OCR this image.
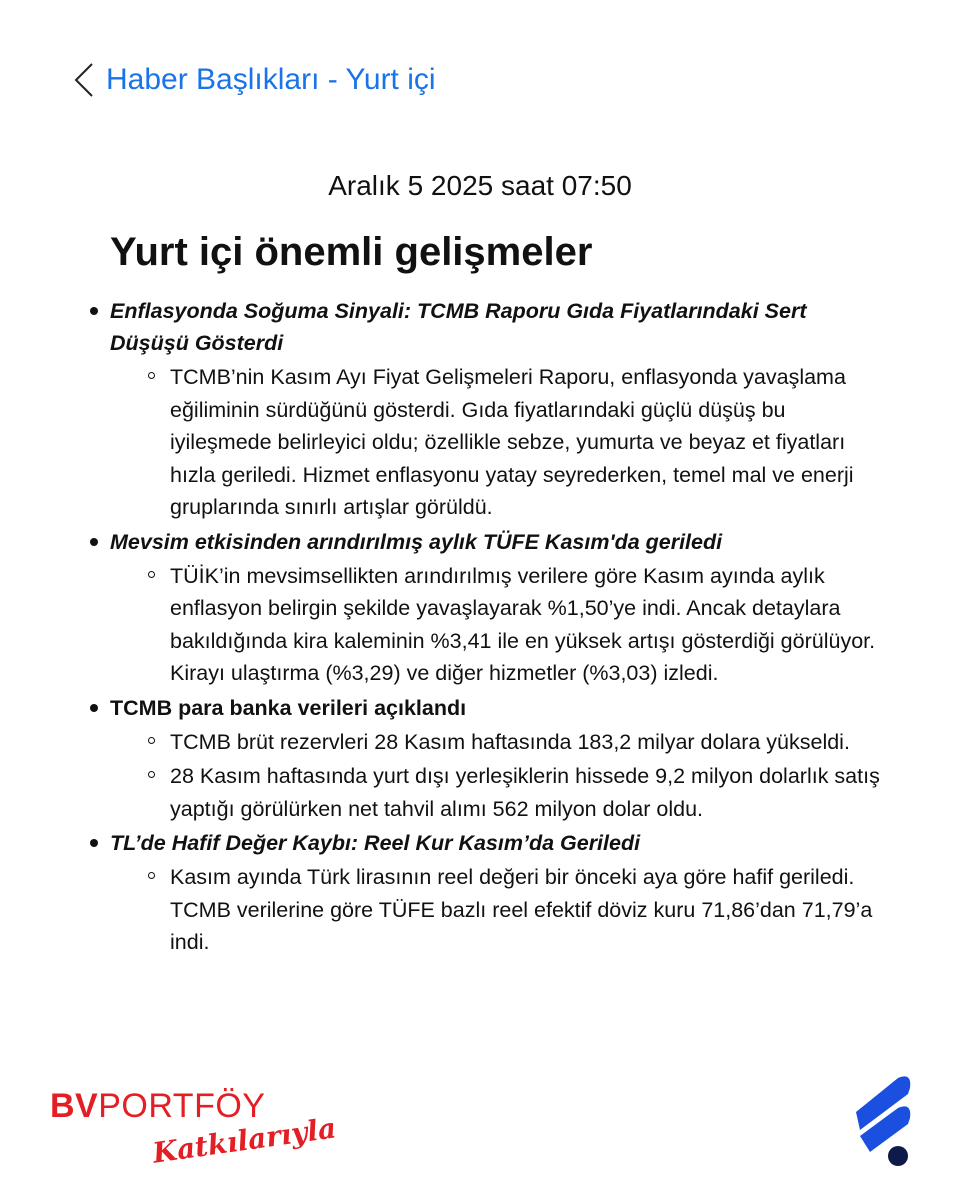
Haber Başlıkları - Yurt içi
Aralık 5 2025 saat 07:50
Yurt içi önemli gelişmeler
Enflasyonda Soğuma Sinyali: TCMB Raporu Gıda Fiyatlarındaki Sert Düşüşü Gösterdi
TCMB’nin Kasım Ayı Fiyat Gelişmeleri Raporu, enflasyonda yavaşlama eğiliminin sürdüğünü gösterdi. Gıda fiyatlarındaki güçlü düşüş bu iyileşmede belirleyici oldu; özellikle sebze, yumurta ve beyaz et fiyatları hızla geriledi. Hizmet enflasyonu yatay seyrederken, temel mal ve enerji gruplarında sınırlı artışlar görüldü.
Mevsim etkisinden arındırılmış aylık TÜFE Kasım'da geriledi
TÜİK’in mevsimsellikten arındırılmış verilere göre Kasım ayında aylık enflasyon belirgin şekilde yavaşlayarak %1,50’ye indi. Ancak detaylara bakıldığında kira kaleminin %3,41 ile en yüksek artışı gösterdiği görülüyor. Kirayı ulaştırma (%3,29) ve diğer hizmetler (%3,03) izledi.
TCMB para banka verileri açıklandı
TCMB brüt rezervleri 28 Kasım haftasında 183,2 milyar dolara yükseldi.
28 Kasım haftasında yurt dışı yerleşiklerin hissede 9,2 milyon dolarlık satış yaptığı görülürken net tahvil alımı 562 milyon dolar oldu.
TL’de Hafif Değer Kaybı: Reel Kur Kasım’da Geriledi
Kasım ayında Türk lirasının reel değeri bir önceki aya göre hafif geriledi. TCMB verilerine göre TÜFE bazlı reel efektif döviz kuru 71,86’dan 71,79’a indi.
BVPORTFÖY
Katkılarıyla
